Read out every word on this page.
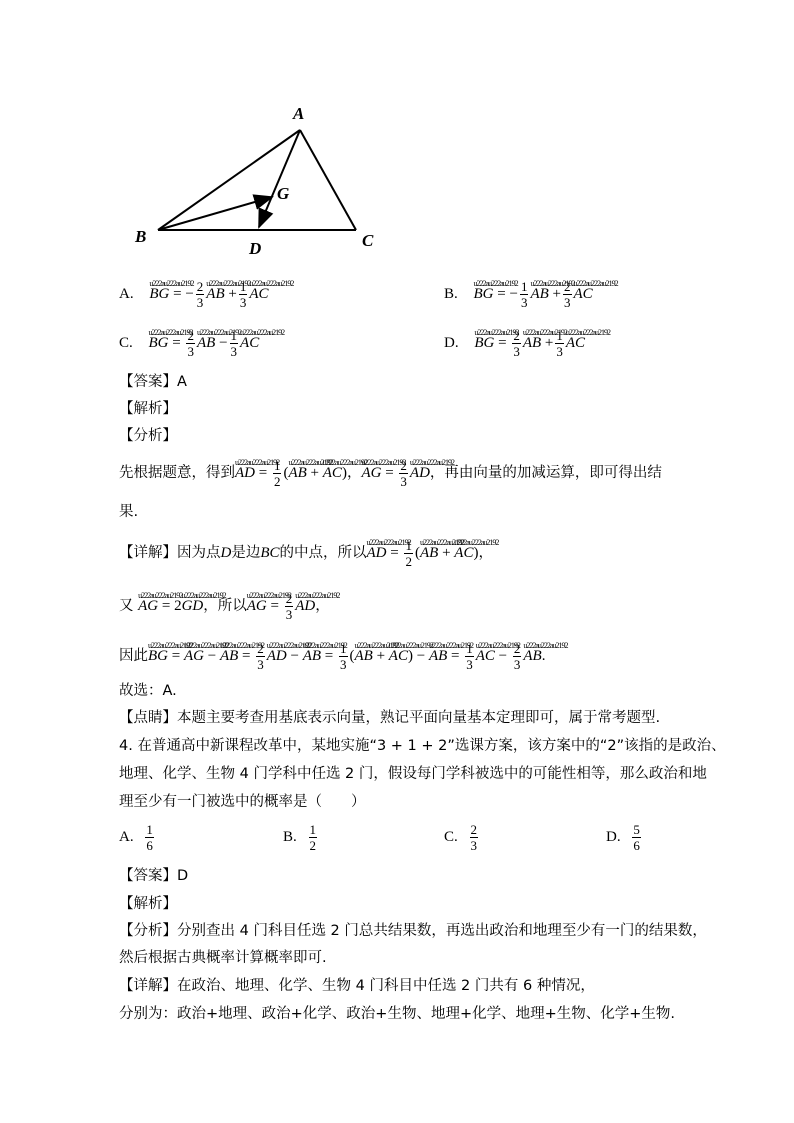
A
B	C
D
G
A. u222au222au2192 BG = − $\frac{2}{3}$
u222au222au2192 AB + $\frac{1}{3}$
u222au222au2192 AC	B. u222au222au2192 BG = − $\frac{1}{3}$
u222au222au2192 AB + $\frac{2}{3}$
u222au222au2192 AC
C. u222au222au2192 BG = $\frac{2}{3}$
u222au222au2192 AB − $\frac{1}{3}$
u222au222au2192 AC	D. u222au222au2192 BG = $\frac{2}{3}$
u222au222au2192 AB + $\frac{1}{3}$
u222au222au2192 AC
【答案】A
【解析】
【分析】
先根据题意，得到u222au222au2192 AD = $\frac{1}{2} (u222au222au2192$ AB + u222au222au2192 AC)，u222au222au2192 AG = $\frac{2}{3}$
u222au222au2192 AD，再由向量的加减运算，即可得出结
果.
【详解】因为点D是边BC的中点，所以u222au222au2192 AD = $\frac{1}{2} (u222au222au2192$ AB + u222au222au2192 AC)，
又 u222au222au2192 AG = 2u222au222au2192 GD，所以u222au222au2192 AG = $\frac{2}{3}$
u222au222au2192 AD，
因此u222au222au2192 BG = u222au222au2192 AG − u222au222au2192 AB = $\frac{2}{3}$
u222au222au2192 AD − u222au222au2192 AB = $\frac{1}{3} (u222au222au2192$ AB + u222au222au2192 AC) − u222au222au2192 AB = $\frac{1}{3}$
u222au222au2192 AC − $\frac{2}{3}$
u222au222au2192 AB.
故选：A.
【点睛】本题主要考查用基底表示向量，熟记平面向量基本定理即可，属于常考题型.
4. 在普通高中新课程改革中，某地实施“3 + 1 + 2”选课方案，该方案中的“2”该指的是政治、
地理、化学、生物 4 门学科中任选 2 门，假设每门学科被选中的可能性相等，那么政治和地
理至少有一门被选中的概率是（　　）
A. $\frac{1}{6}$	B. $\frac{1}{2}$	C. $\frac{2}{3}$	D. $\frac{5}{6}$
【答案】D
【解析】
【分析】分别查出 4 门科目任选 2 门总共结果数，再选出政治和地理至少有一门的结果数，
然后根据古典概率计算概率即可.
【详解】在政治、地理、化学、生物 4 门科目中任选 2 门共有 6 种情况，
分别为：政治+地理、政治+化学、政治+生物、地理+化学、地理+生物、化学+生物.
